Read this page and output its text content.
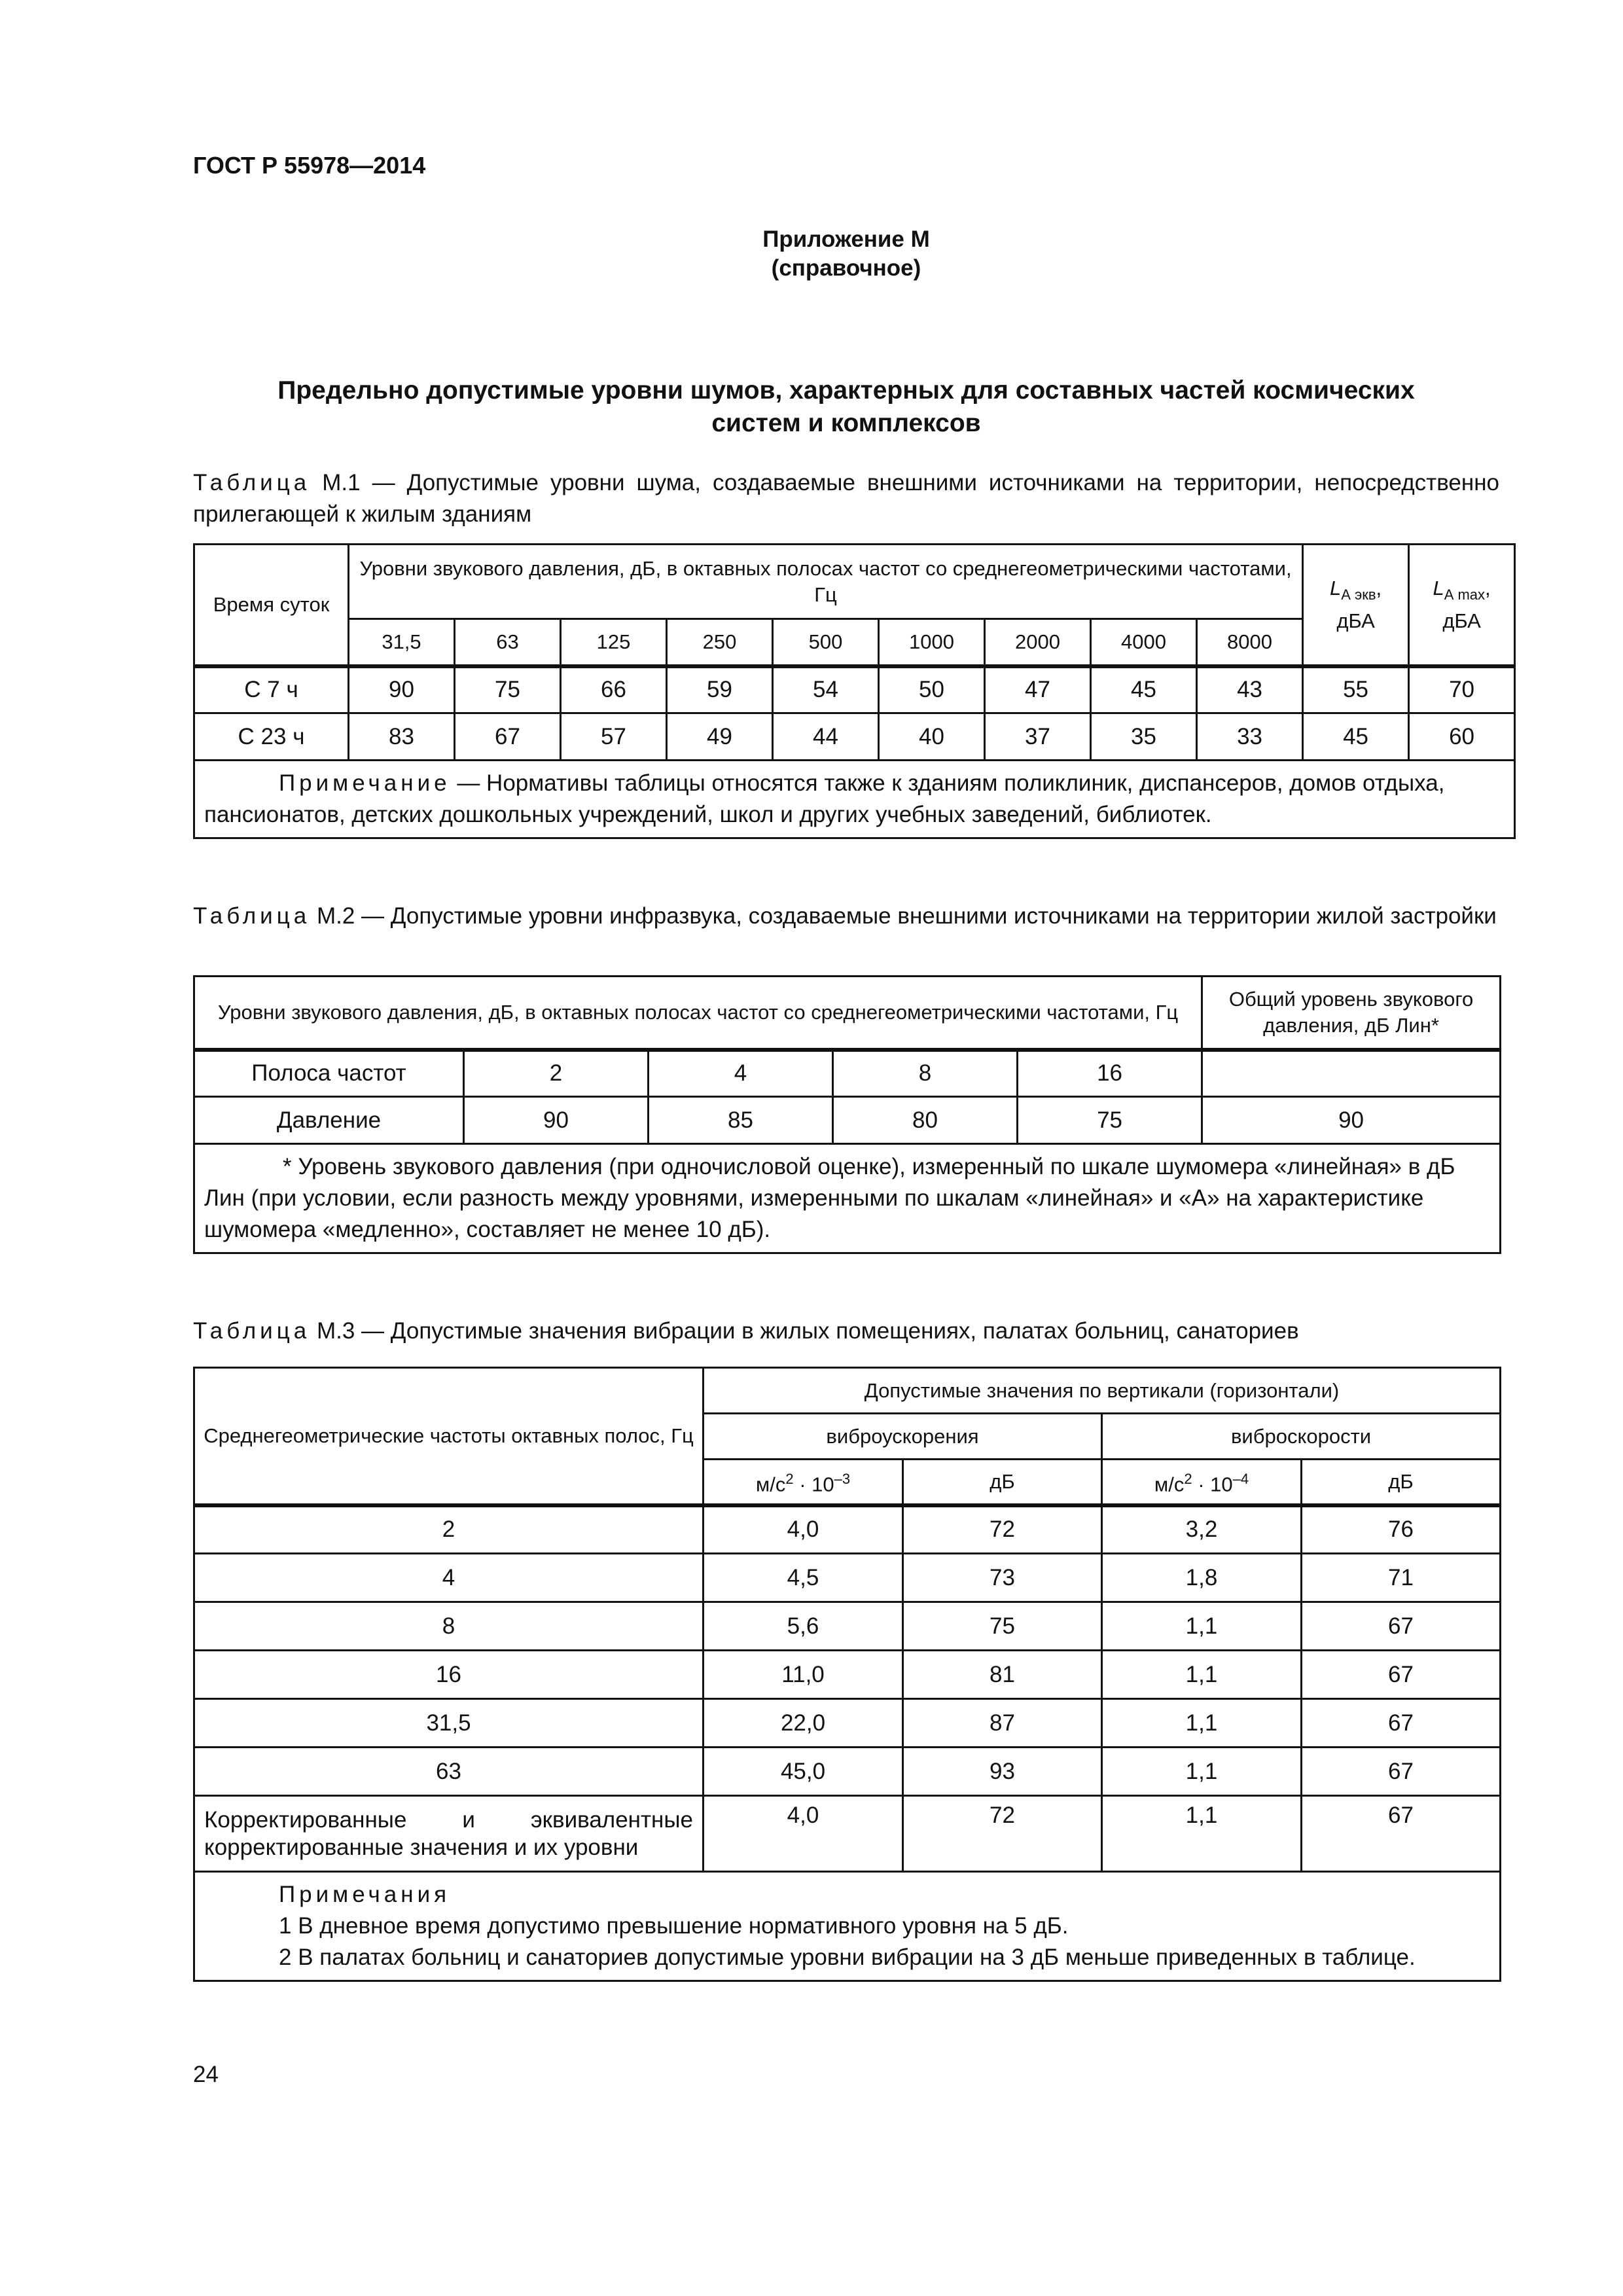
ГОСТ Р 55978—2014
Приложение М
(справочное)
Предельно допустимые уровни шумов, характерных для составных частей космических
систем и комплексов
Таблица М.1 — Допустимые уровни шума, создаваемые внешними источниками на территории, непосредственно прилегающей к жилым зданиям
Время суток	Уровни звукового давления, дБ, в октавных полосах частот со среднегеометрическими частотами, Гц									$L_{А экв}$,
дБА	$L_{А max}$,
дБА
	31,5	63	125	250	500	1000	2000	4000	8000		
С 7 ч	90	75	66	59	54	50	47	45	43	55	70
С 23 ч	83	67	57	49	44	40	37	35	33	45	60
Примечание — Нормативы таблицы относятся также к зданиям поликлиник, диспансеров, домов отдыха, пансионатов, детских дошкольных учреждений, школ и других учебных заведений, библиотек.											
Таблица М.2 — Допустимые уровни инфразвука, создаваемые внешними источниками на территории жилой застройки
Уровни звукового давления, дБ, в октавных полосах частот со среднегеометрическими частотами, Гц					Общий уровень звукового давления, дБ Лин*
Полоса частот	2	4	8	16	
Давление	90	85	80	75	90
* Уровень звукового давления (при одночисловой оценке), измеренный по шкале шумомера «линейная» в дБ Лин (при условии, если разность между уровнями, измеренными по шкалам «линейная» и «А» на характеристике шумомера «медленно», составляет не менее 10 дБ).					
Таблица М.3 — Допустимые значения вибрации в жилых помещениях, палатах больниц, санаториев
Среднегеометрические частоты октавных полос, Гц	Допустимые значения по вертикали (горизонтали)			
	виброускорения		виброскорости	
	$м/с^2 \cdot 10^{-3}$	дБ	$м/с^2 \cdot 10^{-4}$	дБ
2	4,0	72	3,2	76
4	4,5	73	1,8	71
8	5,6	75	1,1	67
16	11,0	81	1,1	67
31,5	22,0	87	1,1	67
63	45,0	93	1,1	67
Корректированные и эквивалентные корректированные значения и их уровни	4,0	72	1,1	67

Примечания
1 В дневное время допустимо превышение нормативного уровня на 5 дБ.
2 В палатах больниц и санаториев допустимые уровни вибрации на 3 дБ меньше приведенных в таблице.				
24
